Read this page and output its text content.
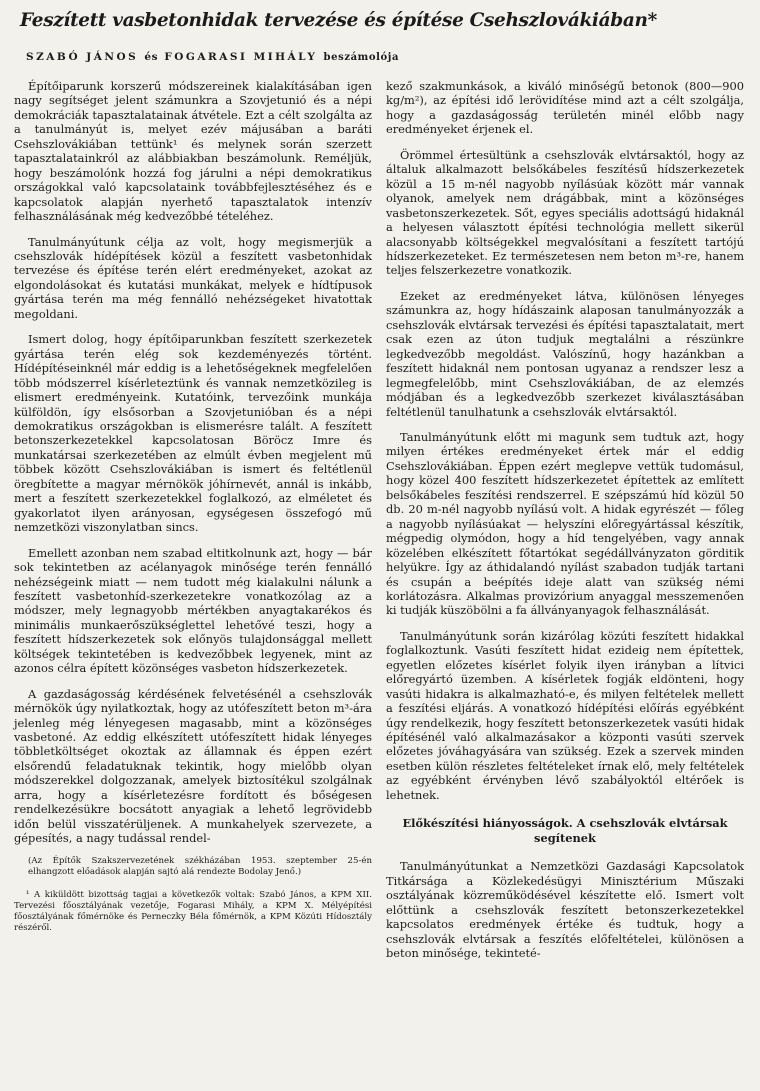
Feszített vasbetonhidak tervezése és építése Csehszlovákiában*
SZABÓ JÁNOS és FOGARASI MIHÁLY beszámolója

Építőiparunk korszerű módszereinek kialakításában igen nagy segítséget jelent számunkra a Szovjetunió és a népi demokráciák tapasztalatainak átvétele. Ezt a célt szolgálta az a tanulmányút is, melyet ezév májusában a baráti Csehszlovákiában tettünk¹ és melynek során szerzett tapasztalatainkról az alábbiakban beszámolunk. Reméljük, hogy beszámolónk hozzá fog járulni a népi demokratikus országokkal való kapcsolataink továbbfejlesztéséhez és e kapcsolatok alapján nyerhető tapasztalatok intenzív felhasználásának még kedvezőbbé tételéhez.

Tanulmányútunk célja az volt, hogy megismerjük a csehszlovák hídépítések közül a feszített vasbetonhidak tervezése és építése terén elért eredményeket, azokat az elgondolásokat és kutatási munkákat, melyek e hídtípusok gyártása terén ma még fennálló nehézségeket hivatottak megoldani.

Ismert dolog, hogy építőiparunkban feszített szerkezetek gyártása terén elég sok kezdeményezés történt. Hídépítéseinknél már eddig is a lehetőségeknek megfelelően több módszerrel kísérleteztünk és vannak nemzetközileg is elismert eredményeink. Kutatóink, tervezőink munkája külföldön, így elsősorban a Szovjetunióban és a népi demokratikus országokban is elismerésre talált. A feszített betonszerkezetekkel kapcsolatosan Böröcz Imre és munkatársai szerkezetében az elmúlt évben megjelent mű többek között Csehszlovákiában is ismert és feltétlenül öregbítette a magyar mérnökök jóhírnevét, annál is inkább, mert a feszített szerkezetekkel foglalkozó, az elméletet és gyakorlatot ilyen arányosan, egységesen összefogó mű nemzetközi viszonylatban sincs.

Emellett azonban nem szabad eltitkolnunk azt, hogy — bár sok tekintetben az acélanyagok minősége terén fennálló nehézségeink miatt — nem tudott még kialakulni nálunk a feszített vasbetonhíd-szerkezetekre vonatkozólag az a módszer, mely legnagyobb mértékben anyagtakarékos és minimális munkaerőszükséglettel lehetővé teszi, hogy a feszített hídszerkezetek sok előnyös tulajdonsággal mellett költségek tekintetében is kedvezőbbek legyenek, mint az azonos célra épített közönséges vasbeton hídszerkezetek.

A gazdaságosság kérdésének felvetésénél a csehszlovák mérnökök úgy nyilatkoztak, hogy az utófeszített beton m³-ára jelenleg még lényegesen magasabb, mint a közönséges vasbetoné. Az eddig elkészített utófeszített hidak lényeges többletköltséget okoztak az államnak és éppen ezért elsőrendű feladatuknak tekintik, hogy mielőbb olyan módszerekkel dolgozzanak, amelyek biztosítékul szolgálnak arra, hogy a kísérletezésre fordított és bőségesen rendelkezésükre bocsátott anyagiak a lehető legrövidebb időn belül visszatérüljenek. A munkahelyek szervezete, a gépesítés, a nagy tudással rendel-

(Az Építők Szakszervezetének székházában 1953. szeptember 25-én elhangzott előadások alapján sajtó alá rendezte Bodolay Jenő.)
¹ A kiküldött bizottság tagjai a következők voltak: Szabó János, a KPM XII. Tervezési főosztályának vezetője, Fogarasi Mihály, a KPM X. Mélyépítési főosztályának főmérnöke és Perneczky Béla főmérnök, a KPM Közúti Hídosztály részéről.

kező szakmunkások, a kiváló minőségű betonok (800—900 kg/m²), az építési idő lerövidítése mind azt a célt szolgálja, hogy a gazdaságosság területén minél előbb nagy eredményeket érjenek el.

Örömmel értesültünk a csehszlovák elvtársaktól, hogy az általuk alkalmazott belsőkábeles feszítésű hídszerkezetek közül a 15 m-nél nagyobb nyílásúak között már vannak olyanok, amelyek nem drágábbak, mint a közönséges vasbetonszerkezetek. Sőt, egyes speciális adottságú hidaknál a helyesen választott építési technológia mellett sikerül alacsonyabb költségekkel megvalósítani a feszített tartójú hídszerkezeteket. Ez természetesen nem beton m³-re, hanem teljes felszerkezetre vonatkozik.

Ezeket az eredményeket látva, különösen lényeges számunkra az, hogy hídászaink alaposan tanulmányozzák a csehszlovák elvtársak tervezési és építési tapasztalatait, mert csak ezen az úton tudjuk megtalálni a részünkre legkedvezőbb megoldást. Valószínű, hogy hazánkban a feszített hidaknál nem pontosan ugyanaz a rendszer lesz a legmegfelelőbb, mint Csehszlovákiában, de az elemzés módjában és a legkedvezőbb szerkezet kiválasztásában feltétlenül tanulhatunk a csehszlovák elvtársaktól.

Tanulmányútunk előtt mi magunk sem tudtuk azt, hogy milyen értékes eredményeket értek már el eddig Csehszlovákiában. Éppen ezért meglepve vettük tudomásul, hogy közel 400 feszített hídszerkezetet építettek az említett belsőkábeles feszítési rendszerrel. E szépszámú híd közül 50 db. 20 m-nél nagyobb nyílású volt. A hidak egyrészét — főleg a nagyobb nyílásúakat — helyszíni előregyártással készítik, mégpedig olymódon, hogy a híd tengelyében, vagy annak közelében elkészített főtartókat segédállványzaton görditik helyükre. Így az áthidalandó nyílást szabadon tudják tartani és csupán a beépítés ideje alatt van szükség némi korlátozásra. Alkalmas provizórium anyaggal messzemenően ki tudják küszöbölni a fa állványanyagok felhasználását.

Tanulmányútunk során kizárólag közúti feszített hidakkal foglalkoztunk. Vasúti feszített hidat ezideig nem építettek, egyetlen előzetes kísérlet folyik ilyen irányban a lítvici előregyártó üzemben. A kísérletek fogják eldönteni, hogy vasúti hidakra is alkalmazható-e, és milyen feltételek mellett a feszítési eljárás. A vonatkozó hídépítési előírás egyébként úgy rendelkezik, hogy feszített betonszerkezetek vasúti hidak építésénél való alkalmazásakor a központi vasúti szervek előzetes jóváhagyására van szükség. Ezek a szervek minden esetben külön részletes feltételeket írnak elő, mely feltételek az egyébként érvényben lévő szabályoktól eltérőek is lehetnek.

Előkészítési hiányosságok. A csehszlovák elvtársak segítenek

Tanulmányútunkat a Nemzetközi Gazdasági Kapcsolatok Titkársága a Közlekedésügyi Minisztérium Műszaki osztályának közreműködésével készítette elő. Ismert volt előttünk a csehszlovák feszített betonszerkezetekkel kapcsolatos eredmények értéke és tudtuk, hogy a csehszlovák elvtársak a feszítés előfeltételei, különösen a beton minősége, tekinteté-
